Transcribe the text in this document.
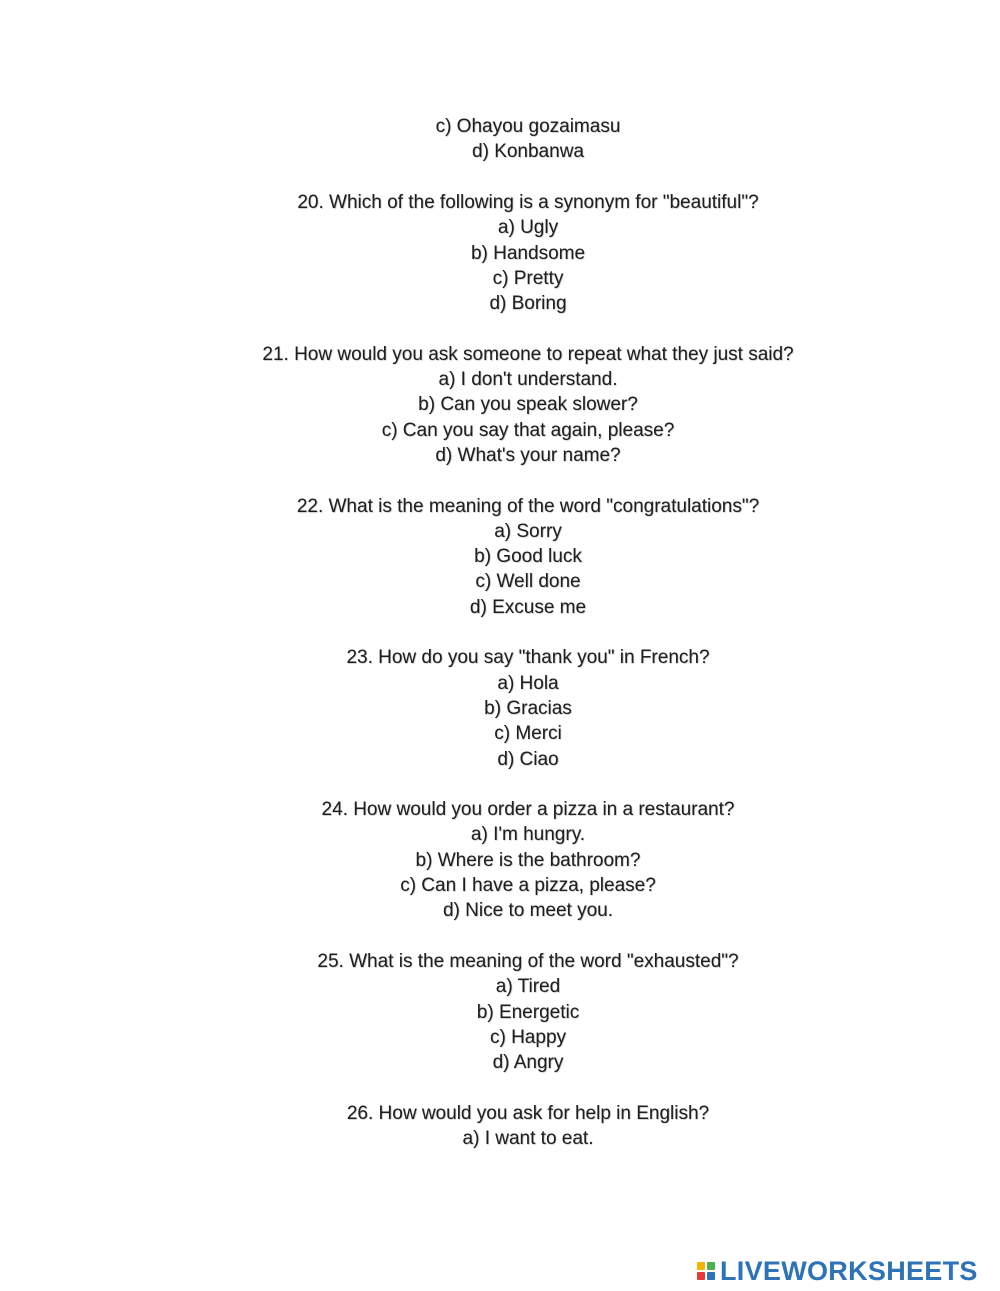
c) Ohayou gozaimasu
d) Konbanwa
20. Which of the following is a synonym for "beautiful"?
a) Ugly
b) Handsome
c) Pretty
d) Boring
21. How would you ask someone to repeat what they just said?
a) I don't understand.
b) Can you speak slower?
c) Can you say that again, please?
d) What's your name?
22. What is the meaning of the word "congratulations"?
a) Sorry
b) Good luck
c) Well done
d) Excuse me
23. How do you say "thank you" in French?
a) Hola
b) Gracias
c) Merci
d) Ciao
24. How would you order a pizza in a restaurant?
a) I'm hungry.
b) Where is the bathroom?
c) Can I have a pizza, please?
d) Nice to meet you.
25. What is the meaning of the word "exhausted"?
a) Tired
b) Energetic
c) Happy
d) Angry
26. How would you ask for help in English?
a) I want to eat.
LIVEWORKSHEETS
